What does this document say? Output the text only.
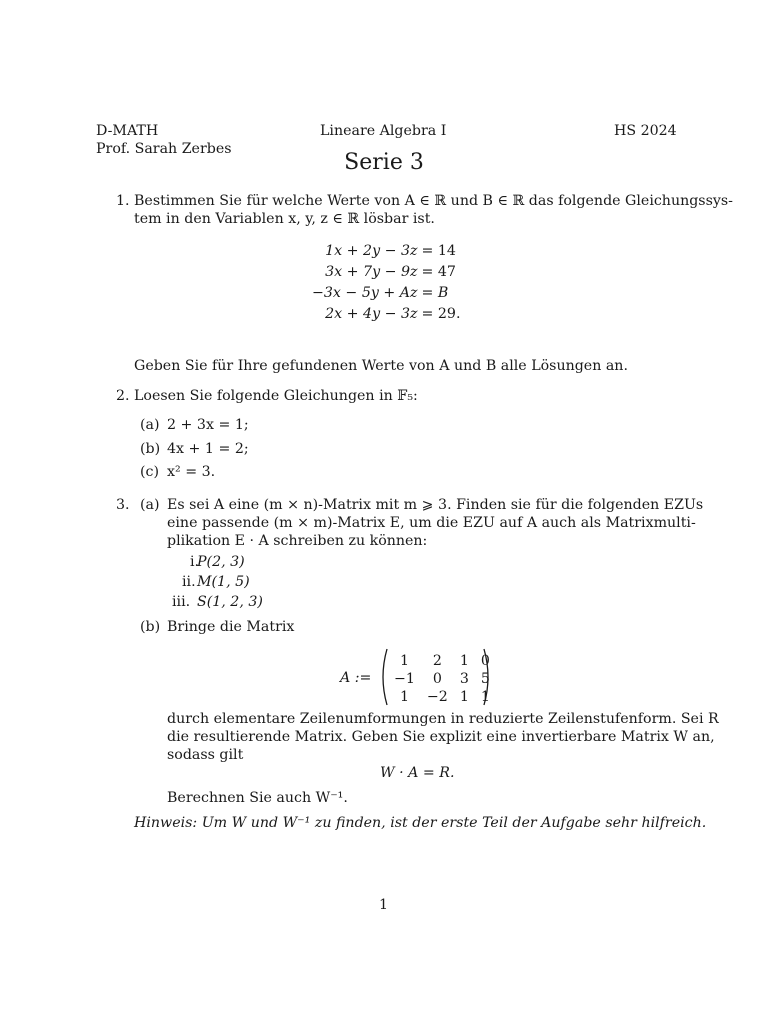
D-MATH
Prof. Sarah Zerbes
Lineare Algebra I	HS 2024
Serie 3
1. Bestimmen Sie für welche Werte von A ∈ ℝ und B ∈ ℝ das folgende Gleichungssys-
tem in den Variablen x, y, z ∈ ℝ lösbar ist.
1x + 2y − 3z	= 14
3x + 7y − 9z	= 47
−3x − 5y + Az	= B
2x + 4y − 3z	= 29.
Geben Sie für Ihre gefundenen Werte von A und B alle Lösungen an.
2. Loesen Sie folgende Gleichungen in 𝔽₅:
(a) 2 + 3x = 1;
(b) 4x + 1 = 2;
(c) x² = 3.
3. (a) Es sei A eine (m × n)-Matrix mit m ⩾ 3. Finden sie für die folgenden EZUs
eine passende (m × m)-Matrix E, um die EZU auf A auch als Matrixmulti-
plikation E · A schreiben zu können:
i.
P(2, 3)
ii. M(1, 5)
iii. S(1, 2, 3)
(b) Bringe die Matrix
A :=
1	2	1	0
−1	0	3	5
1	−2	1	1
durch elementare Zeilenumformungen in reduzierte Zeilenstufenform. Sei R
die resultierende Matrix. Geben Sie explizit eine invertierbare Matrix W an,
sodass gilt
W · A = R.
Berechnen Sie auch W⁻¹.
Hinweis: Um W und W⁻¹ zu finden, ist der erste Teil der Aufgabe sehr hilfreich.
1
